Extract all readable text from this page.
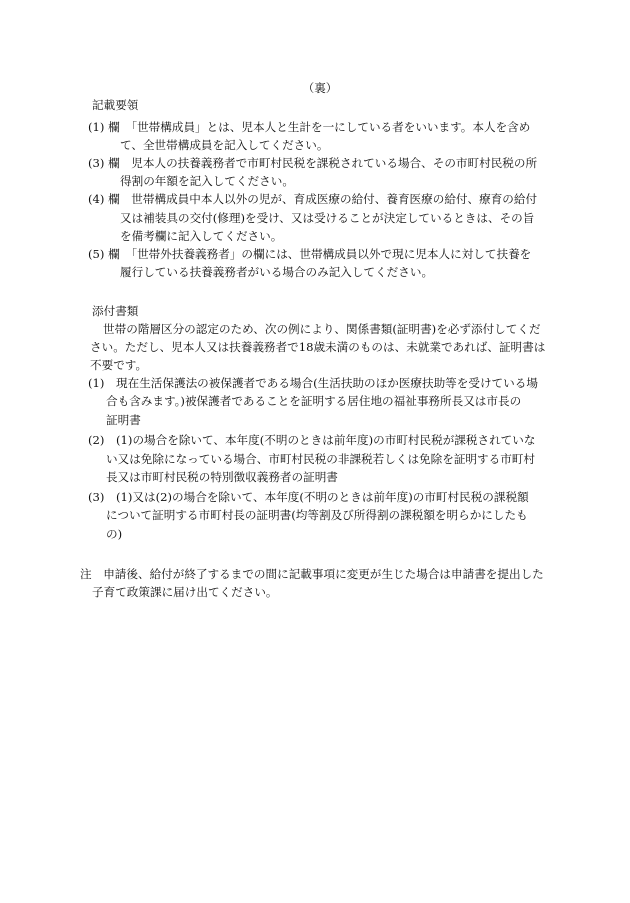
（裏）
記載要領
(1) 欄　「世帯構成員」とは、児本人と生計を一にしている者をいいます。本人を含め
て、全世帯構成員を記入してください。
(3) 欄　児本人の扶養義務者で市町村民税を課税されている場合、その市町村民税の所
得割の年額を記入してください。
(4) 欄　世帯構成員中本人以外の児が、育成医療の給付、養育医療の給付、療育の給付
又は補装具の交付(修理)を受け、又は受けることが決定しているときは、その旨
を備考欄に記入してください。
(5) 欄　「世帯外扶養義務者」の欄には、世帯構成員以外で現に児本人に対して扶養を
履行している扶養義務者がいる場合のみ記入してください。
添付書類
世帯の階層区分の認定のため、次の例により、関係書類(証明書)を必ず添付してくだ
さい。ただし、児本人又は扶養義務者で18歳未満のものは、未就業であれば、証明書は
不要です。
(1)　現在生活保護法の被保護者である場合(生活扶助のほか医療扶助等を受けている場
合も含みます。)被保護者であることを証明する居住地の福祉事務所長又は市長の
証明書
(2)　(1)の場合を除いて、本年度(不明のときは前年度)の市町村民税が課税されていな
い又は免除になっている場合、市町村民税の非課税若しくは免除を証明する市町村
長又は市町村民税の特別徴収義務者の証明書
(3)　(1)又は(2)の場合を除いて、本年度(不明のときは前年度)の市町村民税の課税額
について証明する市町村長の証明書(均等割及び所得割の課税額を明らかにしたも
の)
注　申請後、給付が終了するまでの間に記載事項に変更が生じた場合は申請書を提出した
子育て政策課に届け出てください。
